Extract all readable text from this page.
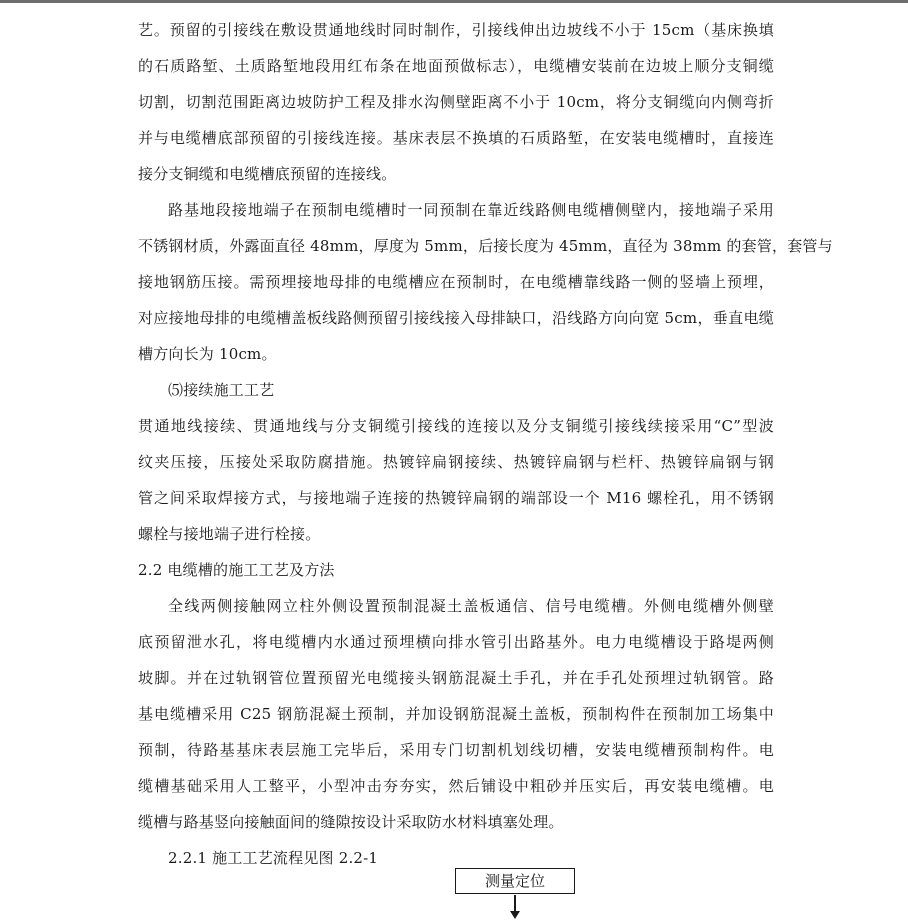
艺。预留的引接线在敷设贯通地线时同时制作，引接线伸出边坡线不小于 15cm（基床换填
的石质路堑、土质路堑地段用红布条在地面预做标志），电缆槽安装前在边坡上顺分支铜缆
切割，切割范围距离边坡防护工程及排水沟侧壁距离不小于 10cm，将分支铜缆向内侧弯折
并与电缆槽底部预留的引接线连接。基床表层不换填的石质路堑，在安装电缆槽时，直接连
接分支铜缆和电缆槽底预留的连接线。
路基地段接地端子在预制电缆槽时一同预制在靠近线路侧电缆槽侧壁内，接地端子采用
不锈钢材质，外露面直径 48mm，厚度为 5mm，后接长度为 45mm，直径为 38mm 的套管，套管与
接地钢筋压接。需预埋接地母排的电缆槽应在预制时，在电缆槽靠线路一侧的竖墙上预埋，
对应接地母排的电缆槽盖板线路侧预留引接线接入母排缺口，沿线路方向向宽 5cm，垂直电缆
槽方向长为 10cm。
⑸接续施工工艺
贯通地线接续、贯通地线与分支铜缆引接线的连接以及分支铜缆引接线续接采用“C”型波
纹夹压接，压接处采取防腐措施。热镀锌扁钢接续、热镀锌扁钢与栏杆、热镀锌扁钢与钢
管之间采取焊接方式，与接地端子连接的热镀锌扁钢的端部设一个 M16 螺栓孔，用不锈钢
螺栓与接地端子进行栓接。
2.2 电缆槽的施工工艺及方法
全线两侧接触网立柱外侧设置预制混凝土盖板通信、信号电缆槽。外侧电缆槽外侧壁
底预留泄水孔，将电缆槽内水通过预埋横向排水管引出路基外。电力电缆槽设于路堤两侧
坡脚。并在过轨钢管位置预留光电缆接头钢筋混凝土手孔，并在手孔处预埋过轨钢管。路
基电缆槽采用 C25 钢筋混凝土预制，并加设钢筋混凝土盖板，预制构件在预制加工场集中
预制，待路基基床表层施工完毕后，采用专门切割机划线切槽，安装电缆槽预制构件。电
缆槽基础采用人工整平，小型冲击夯夯实，然后铺设中粗砂并压实后，再安装电缆槽。电
缆槽与路基竖向接触面间的缝隙按设计采取防水材料填塞处理。
2.2.1 施工工艺流程见图 2.2-1
测量定位
